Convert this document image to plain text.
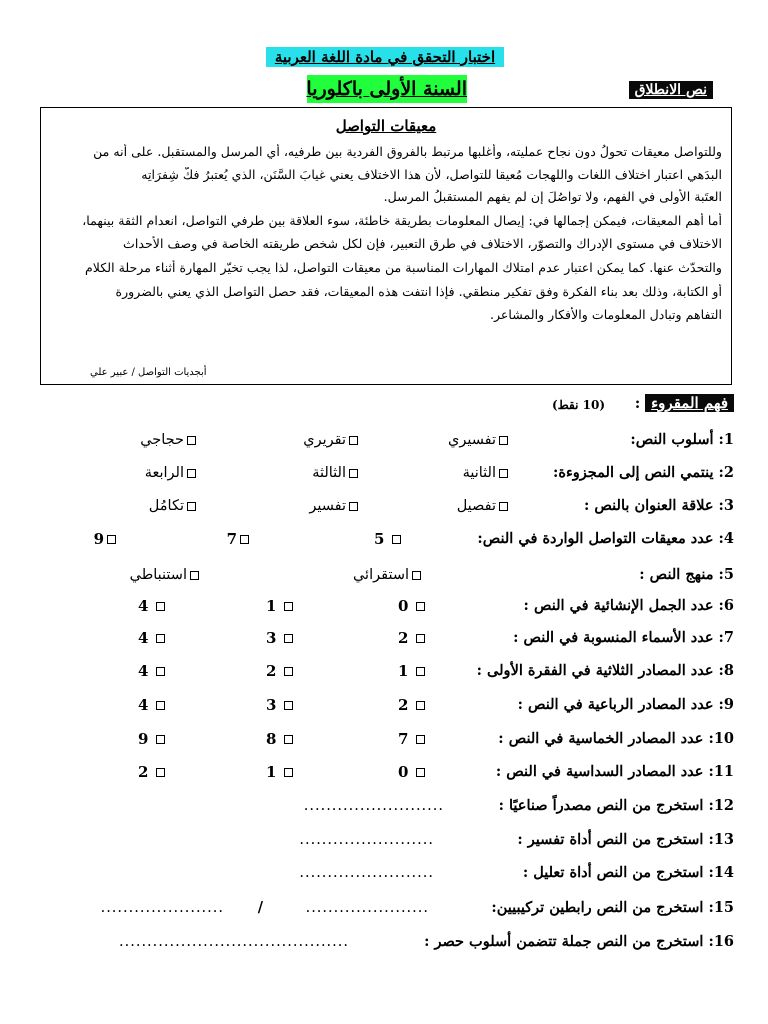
اختبار التحقق في مادة اللغة العربية
السنة الأولى باكلوريا	نص الانطلاق
معيقات التواصل
وللتواصل معيقات تحولُ دون نجاح عمليته، وأغلبها مرتبط بالفروق الفردية بين طرفيه، أي المرسل والمستقبل. على أنه من
البدَهي اعتبار اختلاف اللغات واللهجات مُعيقا للتواصل، لأن هذا الاختلاف يعني غيابَ السَّنَن، الذي يُعتبرُ فكَّ شِفرَاتِه
العتَبة الأولى في الفهم، ولا تواصُلَ إن لم يفهم المستقبلُ المرسل.
أما أهم المعيقات، فيمكن إجمالها في: إيصال المعلومات بطريقة خاطئة، سوء العلاقة بين طرفي التواصل، انعدام الثقة بينهما،
الاختلاف في مستوى الإدراك والتصوّر، الاختلاف في طرق التعبير، فإن لكل شخص طريقته الخاصة في وصف الأحداث
والتحدّث عنها. كما يمكن اعتبار عدم امتلاك المهارات المناسبة من معيقات التواصل، لذا يجب تخيّر المهارة أثناء مرحلة الكلام
أو الكتابة، وذلك بعد بناء الفكرة وفق تفكير منطقي. فإذا انتفت هذه المعيقات، فقد حصل التواصل الذي يعني بالضرورة
التفاهم وتبادل المعلومات والأفكار والمشاعر.
أبجديات التواصل / عبير علي
فهم المقروء :
(10 نقط)
1: أسلوب النص:
تفسيري
تقريري
حجاجي
2: ينتمي النص إلى المجزوءة:
الثانية
الثالثة
الرابعة
3: علاقة العنوان بالنص :
تفصيل
تفسير
تكامُل
4: عدد معيقات التواصل الواردة في النص:

5
7
9
5: منهج النص :
استقرائي
استنباطي
6: عدد الجمل الإنشائية في النص :

0

1

4
7: عدد الأسماء المنسوبة في النص :

2

3

4
8: عدد المصادر الثلاثية في الفقرة الأولى :

1

2

4
9: عدد المصادر الرباعية في النص :

2

3

4
10: عدد المصادر الخماسية في النص :

7

8

9
11: عدد المصادر السداسية في النص :

0

1

2
12: استخرج من النص مصدراً صناعيًا :
.........................
13: استخرج من النص أداة تفسير :
........................
14: استخرج من النص أداة تعليل :
........................
15: استخرج من النص رابطين تركيبيين:
......................
/
......................
16: استخرج من النص جملة تتضمن أسلوب حصر :
.........................................
